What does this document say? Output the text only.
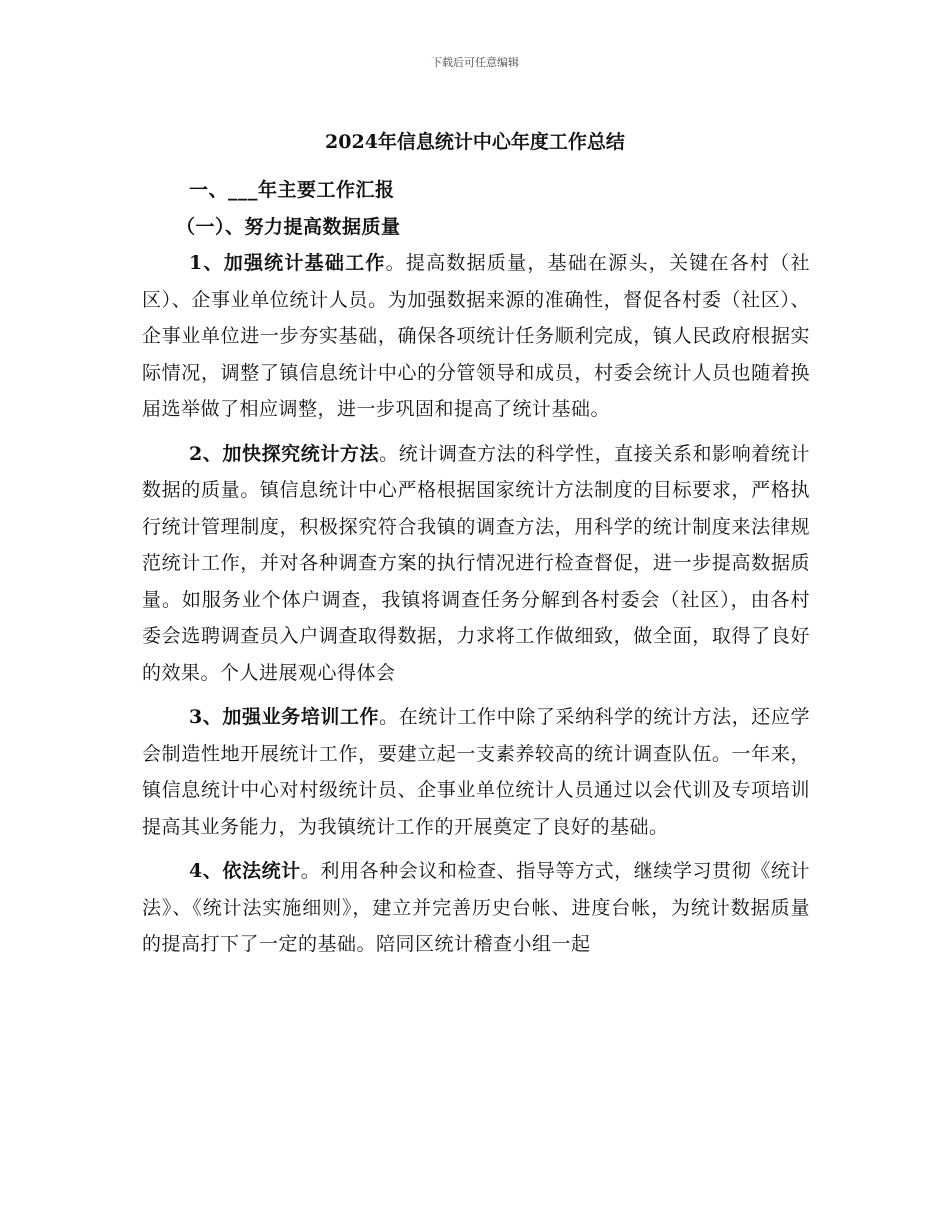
下载后可任意编辑
2024年信息统计中心年度工作总结

一、___年主要工作汇报

（一）、努力提高数据质量

1、加强统计基础工作。提高数据质量，基础在源头，关键在各村（社区）、企事业单位统计人员。为加强数据来源的准确性，督促各村委（社区）、企事业单位进一步夯实基础，确保各项统计任务顺利完成，镇人民政府根据实际情况，调整了镇信息统计中心的分管领导和成员，村委会统计人员也随着换届选举做了相应调整，进一步巩固和提高了统计基础。

2、加快探究统计方法。统计调查方法的科学性，直接关系和影响着统计数据的质量。镇信息统计中心严格根据国家统计方法制度的目标要求，严格执行统计管理制度，积极探究符合我镇的调查方法，用科学的统计制度来法律规范统计工作，并对各种调查方案的执行情况进行检查督促，进一步提高数据质量。如服务业个体户调查，我镇将调查任务分解到各村委会（社区），由各村委会选聘调查员入户调查取得数据，力求将工作做细致，做全面，取得了良好的效果。个人进展观心得体会

3、加强业务培训工作。在统计工作中除了采纳科学的统计方法，还应学会制造性地开展统计工作，要建立起一支素养较高的统计调查队伍。一年来，镇信息统计中心对村级统计员、企事业单位统计人员通过以会代训及专项培训提高其业务能力，为我镇统计工作的开展奠定了良好的基础。

4、依法统计。利用各种会议和检查、指导等方式，继续学习贯彻《统计法》、《统计法实施细则》，建立并完善历史台帐、进度台帐，为统计数据质量的提高打下了一定的基础。陪同区统计稽查小组一起
